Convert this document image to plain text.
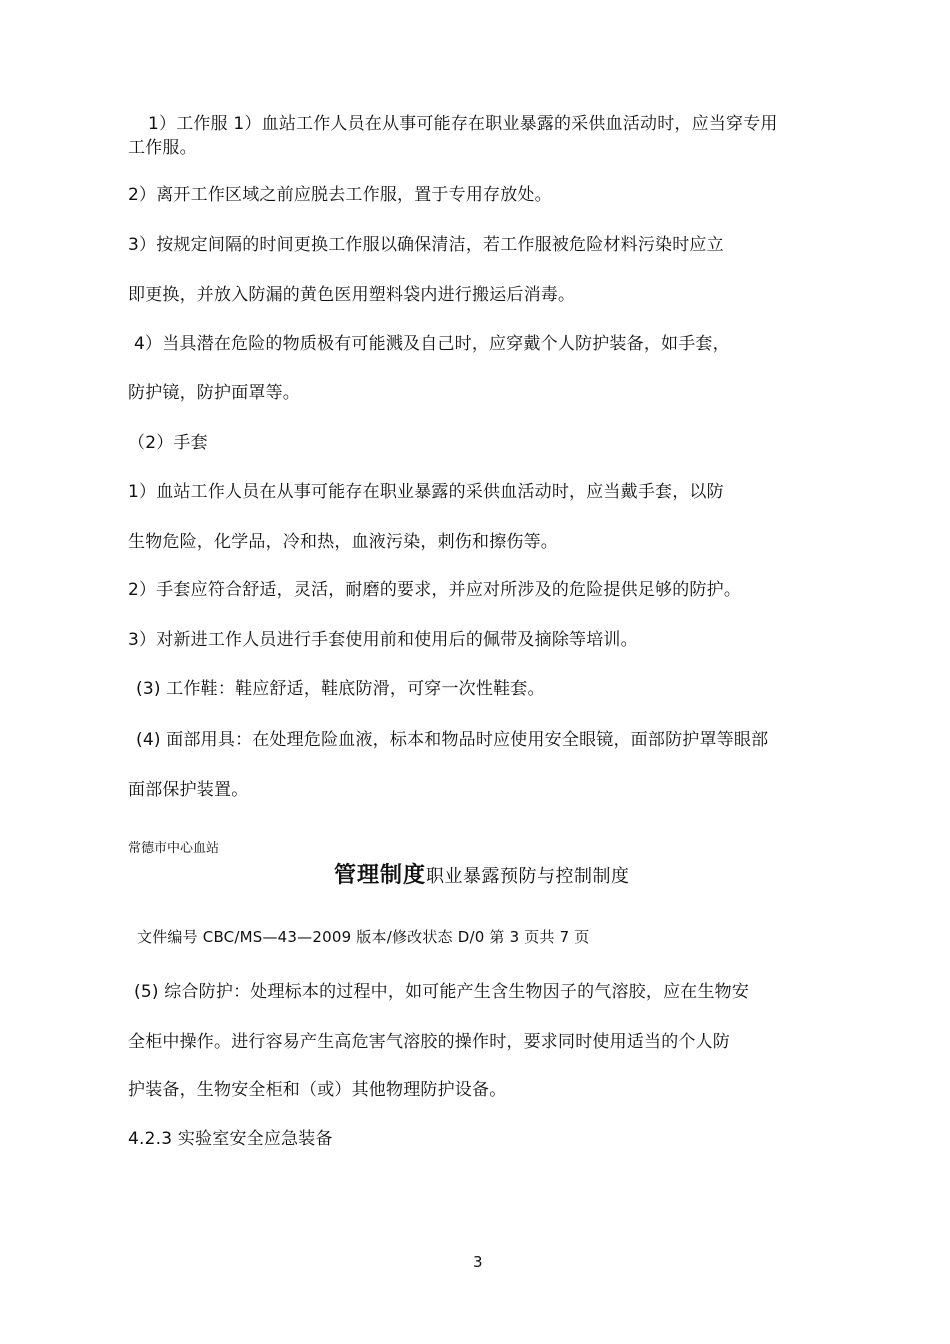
1）工作服 1）血站工作人员在从事可能存在职业暴露的采供血活动时，应当穿专用
工作服。
2）离开工作区域之前应脱去工作服，置于专用存放处。
3）按规定间隔的时间更换工作服以确保清洁，若工作服被危险材料污染时应立
即更换，并放入防漏的黄色医用塑料袋内进行搬运后消毒。
4）当具潜在危险的物质极有可能溅及自己时，应穿戴个人防护装备，如手套，
防护镜，防护面罩等。
（2）手套
1）血站工作人员在从事可能存在职业暴露的采供血活动时，应当戴手套，以防
生物危险，化学品，冷和热，血液污染，刺伤和擦伤等。
2）手套应符合舒适，灵活，耐磨的要求，并应对所涉及的危险提供足够的防护。
3）对新进工作人员进行手套使用前和使用后的佩带及摘除等培训。
(3) 工作鞋：鞋应舒适，鞋底防滑，可穿一次性鞋套。
(4) 面部用具：在处理危险血液，标本和物品时应使用安全眼镜，面部防护罩等眼部
面部保护装置。
常德市中心血站
管理制度职业暴露预防与控制制度
文件编号 CBC/MS—43—2009 版本/修改状态 D/0 第 3 页共 7 页
(5) 综合防护：处理标本的过程中，如可能产生含生物因子的气溶胶，应在生物安
全柜中操作。进行容易产生高危害气溶胶的操作时，要求同时使用适当的个人防
护装备，生物安全柜和（或）其他物理防护设备。
4.2.3 实验室安全应急装备
3
